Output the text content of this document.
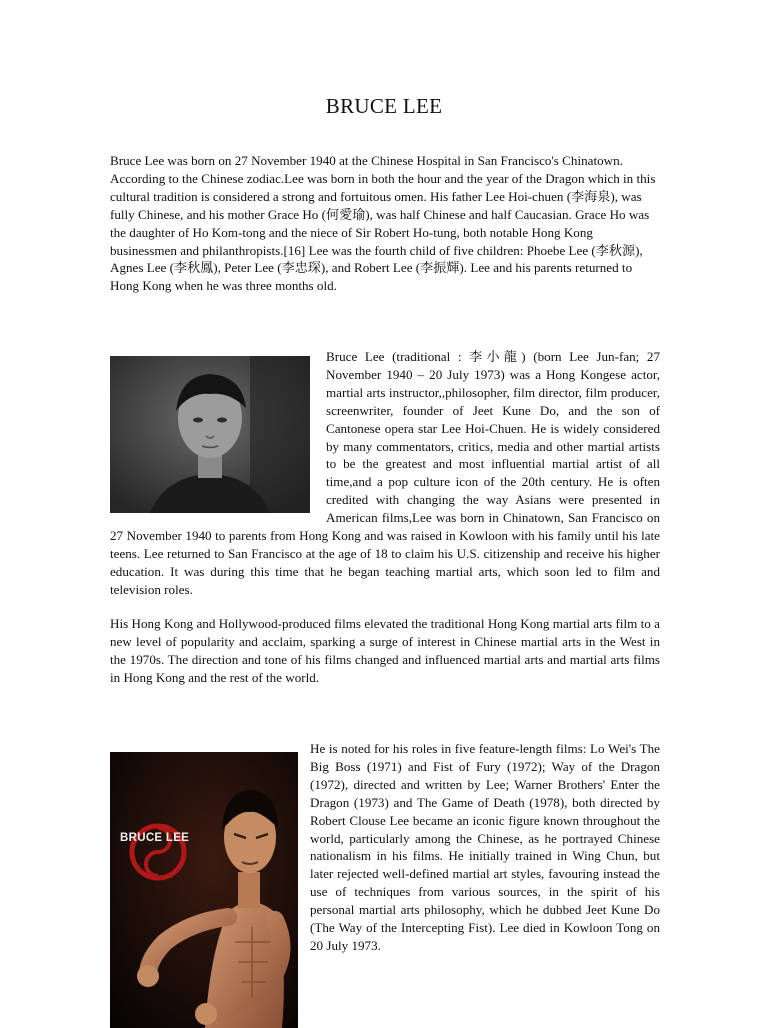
BRUCE LEE
Bruce Lee was born on 27 November 1940 at the Chinese Hospital in San Francisco's Chinatown. According to the Chinese zodiac.Lee was born in both the hour and the year of the Dragon which in this cultural tradition is considered a strong and fortuitous omen. His father Lee Hoi-chuen (李海泉), was fully Chinese, and his mother Grace Ho (何愛瑜), was half Chinese and half Caucasian. Grace Ho was the daughter of Ho Kom-tong and the niece of Sir Robert Ho-tung, both notable Hong Kong businessmen and philanthropists.[16] Lee was the fourth child of five children: Phoebe Lee (李秋源), Agnes Lee (李秋鳳), Peter Lee (李忠琛), and Robert Lee (李振輝). Lee and his parents returned to Hong Kong when he was three months old.
Bruce Lee (traditional : 李小龍) (born Lee Jun-fan; 27 November 1940 – 20 July 1973) was a Hong Kongese actor, martial arts instructor,,philosopher, film director, film producer, screenwriter, founder of Jeet Kune Do, and the son of Cantonese opera star Lee Hoi-Chuen. He is widely considered by many commentators, critics, media and other martial artists to be the greatest and most influential martial artist of all time,and a pop culture icon of the 20th century. He is often credited with changing the way Asians were presented in American films,Lee was born in Chinatown, San Francisco on 27 November 1940 to parents from Hong Kong and was raised in Kowloon with his family until his late teens. Lee returned to San Francisco at the age of 18 to claim his U.S. citizenship and receive his higher education. It was during this time that he began teaching martial arts, which soon led to film and television roles.
His Hong Kong and Hollywood-produced films elevated the traditional Hong Kong martial arts film to a new level of popularity and acclaim, sparking a surge of interest in Chinese martial arts in the West in the 1970s. The direction and tone of his films changed and influenced martial arts and martial arts films in Hong Kong and the rest of the world.
BRUCE LEE
He is noted for his roles in five feature-length films: Lo Wei's The Big Boss (1971) and Fist of Fury (1972); Way of the Dragon (1972), directed and written by Lee; Warner Brothers' Enter the Dragon (1973) and The Game of Death (1978), both directed by Robert Clouse Lee became an iconic figure known throughout the world, particularly among the Chinese, as he portrayed Chinese nationalism in his films. He initially trained in Wing Chun, but later rejected well-defined martial art styles, favouring instead the use of techniques from various sources, in the spirit of his personal martial arts philosophy, which he dubbed Jeet Kune Do (The Way of the Intercepting Fist). Lee died in Kowloon Tong on 20 July 1973.
